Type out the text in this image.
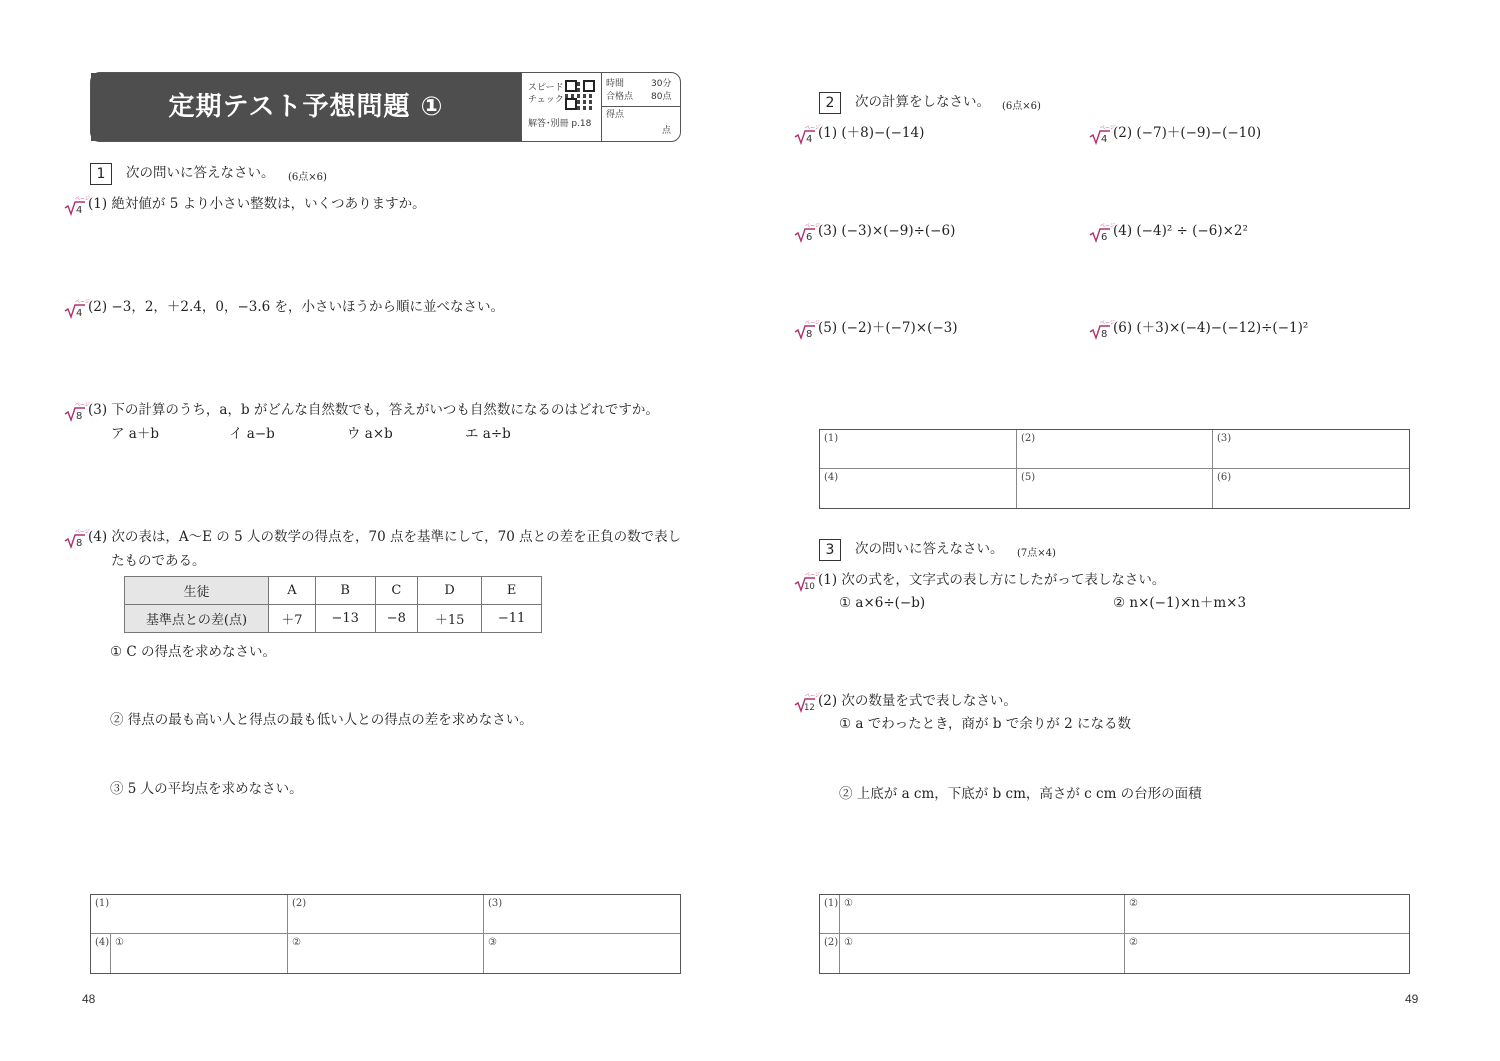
定期テスト予想問題 ①
スピード
チェック
解答･別冊 p.18
時間	30分
合格点 80点
得点
点
1	次の問いに答えなさい。 (6点×6)
ページ
4 (1) 絶対値が 5 より小さい整数は，いくつありますか。
ページ
4 (2) −3，2，＋2.4，0，−3.6 を，小さいほうから順に並べなさい。
ページ
8 (3) 下の計算のうち，a，b がどんな自然数でも，答えがいつも自然数になるのはどれですか。
ア a＋b	イ a−b	ウ a×b	エ a÷b
ページ
8 (4) 次の表は，A〜E の 5 人の数学の得点を，70 点を基準にして，70 点との差を正負の数で表し
たものである。
生徒	A	B	C	D	E
基準点との差(点)	＋7	−13	−8	＋15	−11
① C の得点を求めなさい。
② 得点の最も高い人と得点の最も低い人との得点の差を求めなさい。
③ 5 人の平均点を求めなさい。
(1)	(2)	(3)
(4) ①	②	③
48
2	次の計算をしなさい。 (6点×6)
ページ
4 (1) (＋8)−(−14)	ページ
4 (2) (−7)＋(−9)−(−10)
ページ
6 (3) (−3)×(−9)÷(−6)	ページ
6 (4) (−4)² ÷ (−6)×2²
ページ
8 (5) (−2)＋(−7)×(−3)	ページ
8 (6) (＋3)×(−4)−(−12)÷(−1)²
(1)	(2)	(3)
(4)	(5)	(6)
3	次の問いに答えなさい。 (7点×4)
ページ
10 (1) 次の式を，文字式の表し方にしたがって表しなさい。
① a×6÷(−b)	② n×(−1)×n＋m×3
ページ
12 (2) 次の数量を式で表しなさい。
① a でわったとき，商が b で余りが 2 になる数
② 上底が a cm，下底が b cm，高さが c cm の台形の面積
(1) ①	②
(2) ①	②
49
